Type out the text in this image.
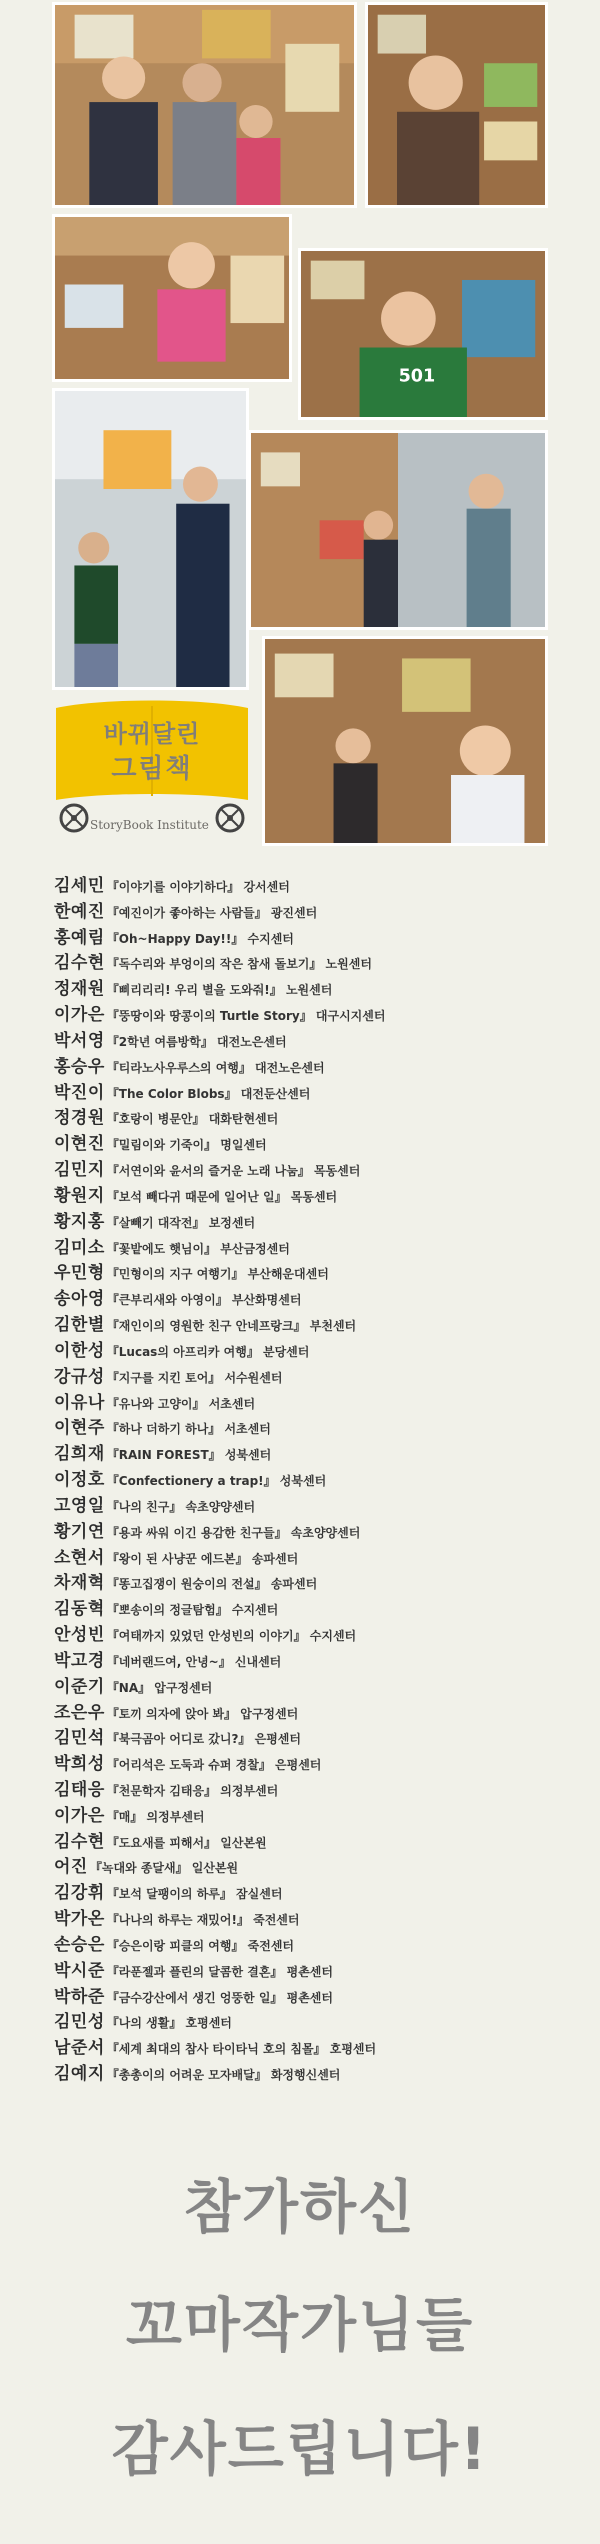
501
바뀌달린
그림책
StoryBook Institute
김세민 『이야기를 이야기하다』 강서센터
한예진 『예진이가 좋아하는 사람들』 광진센터
홍예림 『Oh~Happy Day!!』 수지센터
김수현 『독수리와 부엉이의 작은 참새 돌보기』 노원센터
정재원 『삐리리리! 우리 별을 도와줘!』 노원센터
이가은 『뚱땅이와 땅콩이의 Turtle Story』 대구시지센터
박서영 『2학년 여름방학』 대전노은센터
홍승우 『티라노사우루스의 여행』 대전노은센터
박진이 『The Color Blobs』 대전둔산센터
정경원 『호랑이 병문안』 대화탄현센터
이현진 『밀림이와 기죽이』 명일센터
김민지 『서연이와 윤서의 즐거운 노래 나눔』 목동센터
황원지 『보석 빼다귀 때문에 일어난 일』 목동센터
황지홍 『살빼기 대작전』 보정센터
김미소 『꽃밭에도 햇님이』 부산금정센터
우민형 『민형이의 지구 여행기』 부산해운대센터
송아영 『큰부리새와 아영이』 부산화명센터
김한별 『재인이의 영원한 친구 안네프랑크』 부천센터
이한성 『Lucas의 아프리카 여행』 분당센터
강규성 『지구를 지킨 토어』 서수원센터
이유나 『유나와 고양이』 서초센터
이현주 『하나 더하기 하나』 서초센터
김희재 『RAIN FOREST』 성북센터
이정호 『Confectionery a trap!』 성북센터
고영일 『나의 친구』 속초양양센터
황기연 『용과 싸워 이긴 용감한 친구들』 속초양양센터
소현서 『왕이 된 사냥꾼 에드본』 송파센터
차재혁 『똥고집쟁이 원숭이의 전설』 송파센터
김동혁 『뽀송이의 정글탐험』 수지센터
안성빈 『여태까지 있었던 안성빈의 이야기』 수지센터
박고경 『네버랜드여, 안녕~』 신내센터
이준기 『NA』 압구정센터
조은우 『토끼 의자에 앉아 봐』 압구정센터
김민석 『북극곰아 어디로 갔니?』 은평센터
박희성 『어리석은 도둑과 슈퍼 경찰』 은평센터
김태응 『천문학자 김태응』 의정부센터
이가은 『매』 의정부센터
김수현 『도요새를 피해서』 일산본원
어진 『녹대와 종달새』 일산본원
김강휘 『보석 달팽이의 하루』 잠실센터
박가온 『나나의 하루는 재밌어!』 죽전센터
손승은 『승은이랑 피클의 여행』 죽전센터
박시준 『라푼젤과 플린의 달콤한 결혼』 평촌센터
박하준 『금수강산에서 생긴 엉뚱한 일』 평촌센터
김민성 『나의 생활』 호평센터
남준서 『세계 최대의 참사 타이타닉 호의 침몰』 호평센터
김예지 『총총이의 어려운 모자배달』 화정행신센터
참가하신
꼬마작가님들
감사드립니다!
